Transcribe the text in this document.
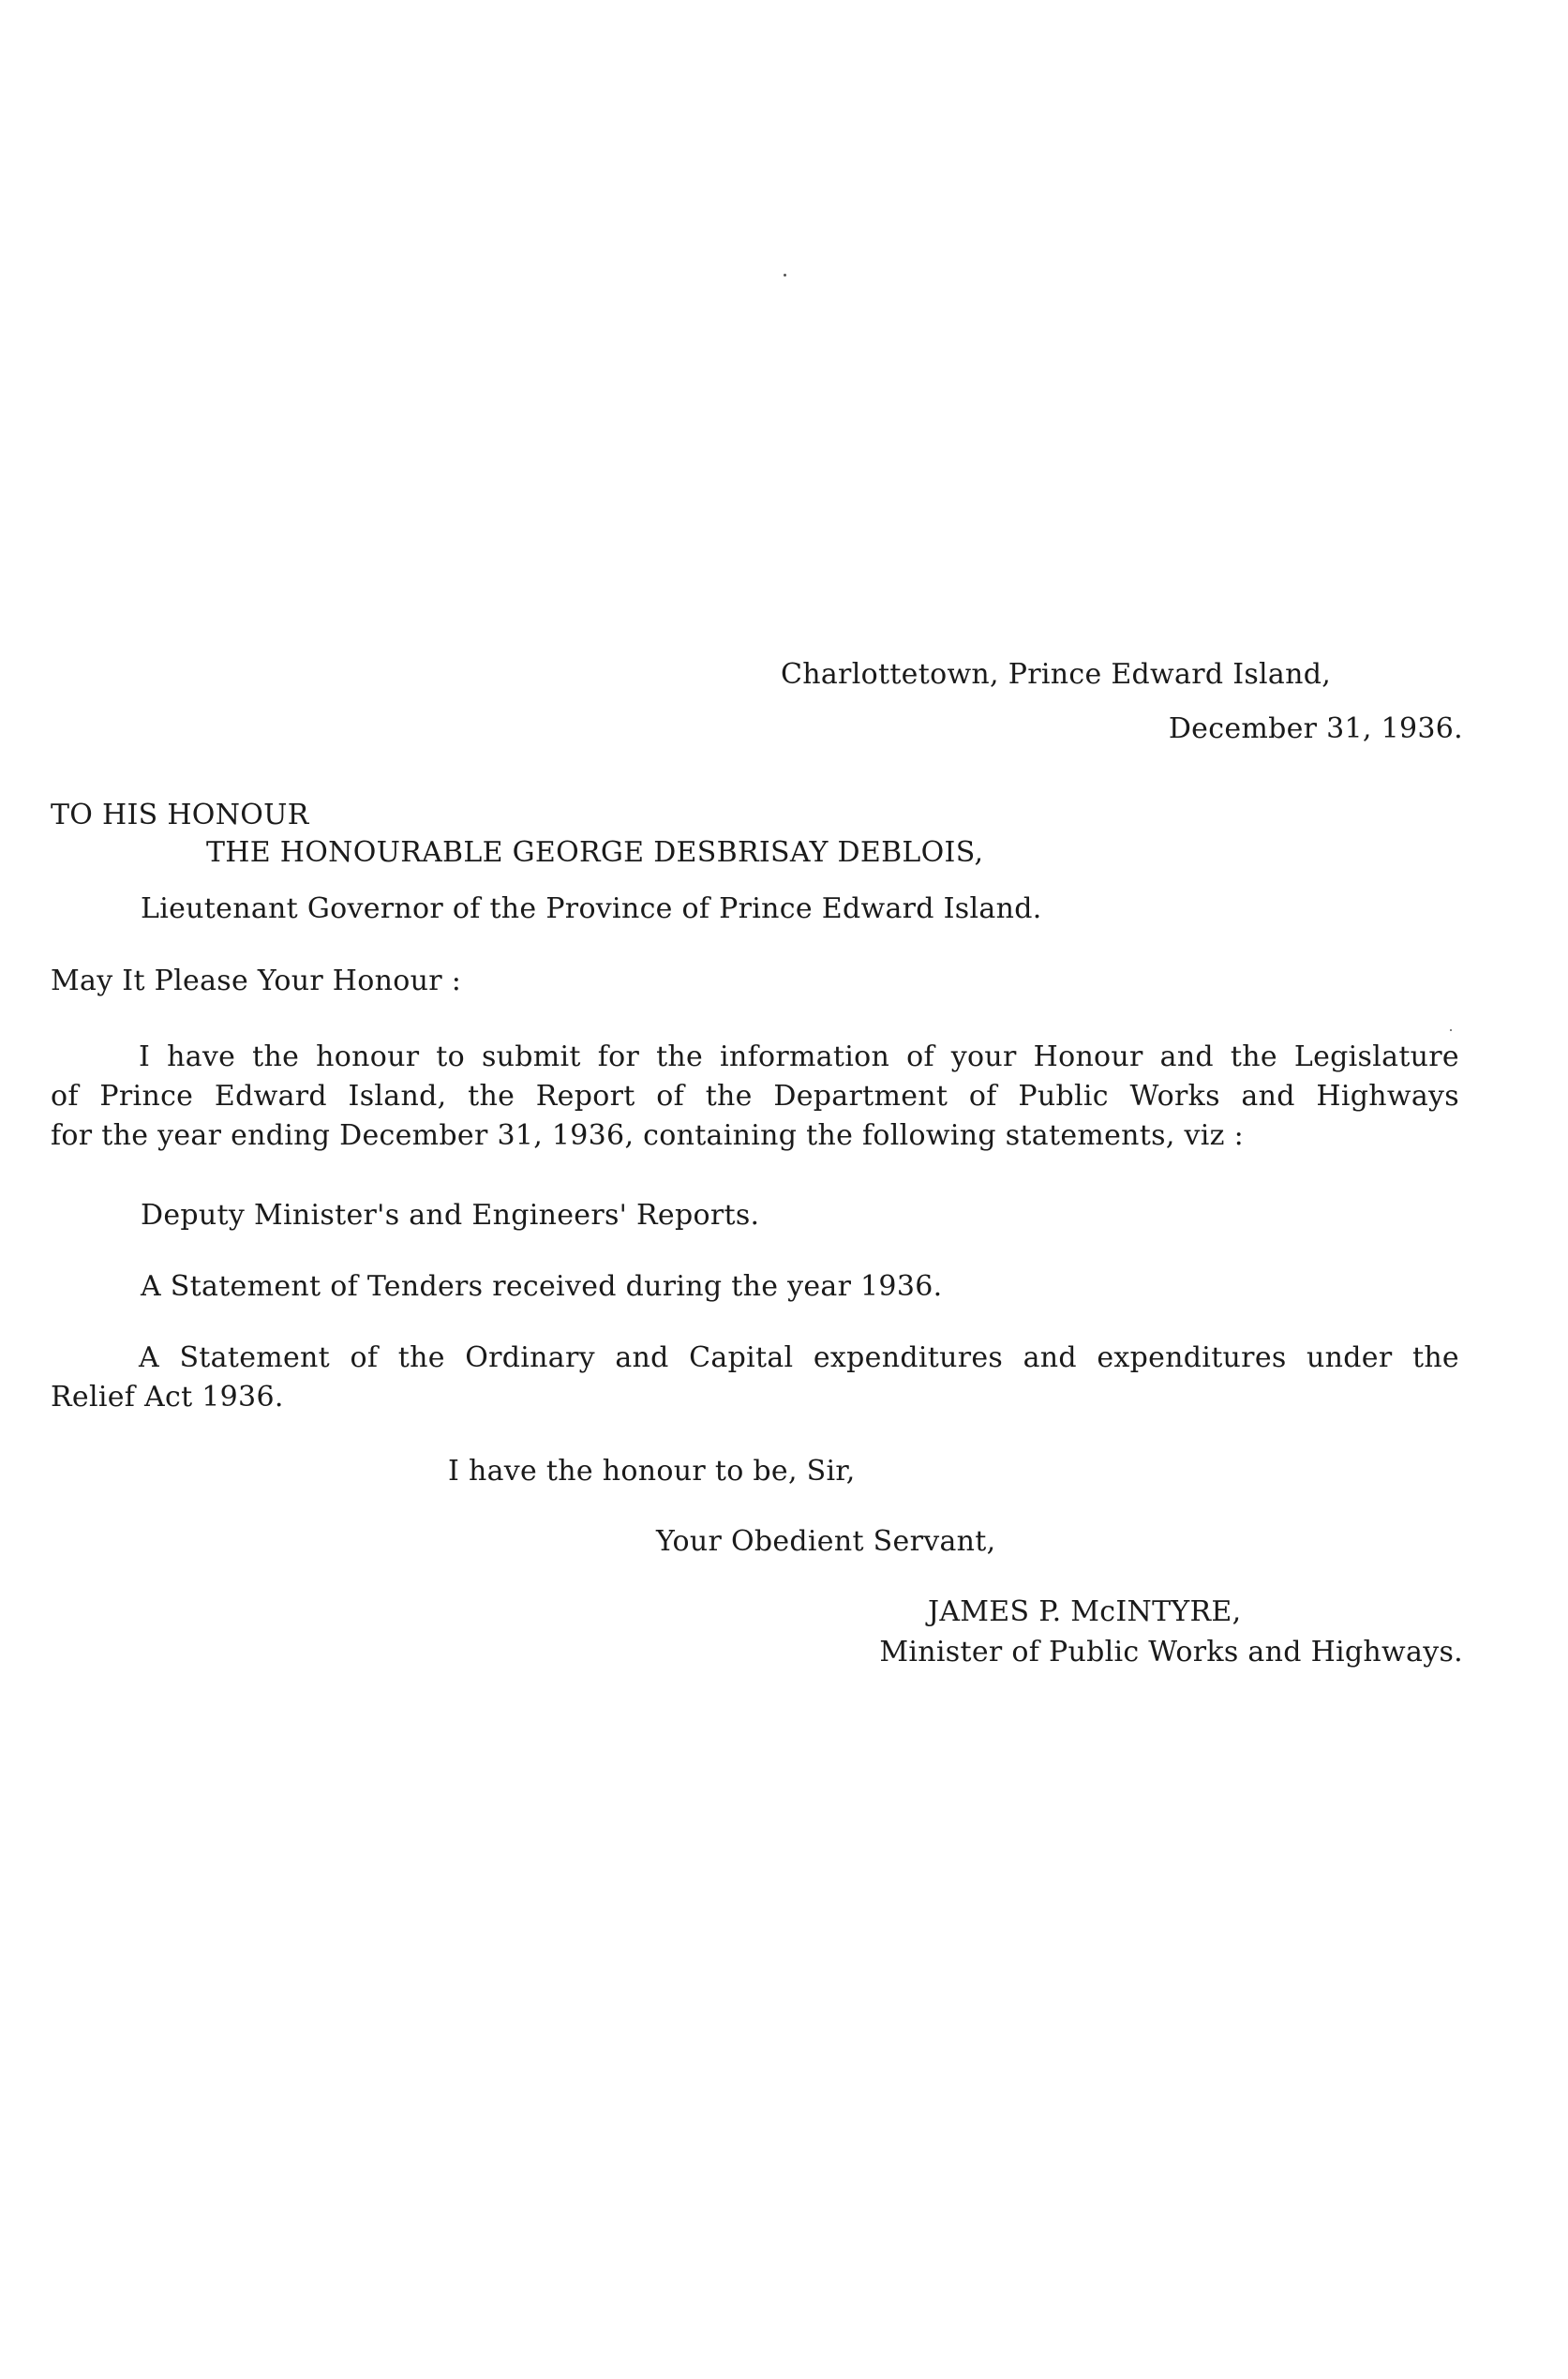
Charlottetown, Prince Edward Island,
December 31, 1936.
TO HIS HONOUR
THE HONOURABLE GEORGE DESBRISAY DEBLOIS,
Lieutenant Governor of the Province of Prince Edward Island.
May It Please Your Honour :
I have the honour to submit for the information of your Honour and the Legislature
of Prince Edward Island, the Report of the Department of Public Works and Highways
for the year ending December 31, 1936, containing the following statements, viz :
Deputy Minister's and Engineers' Reports.
A Statement of Tenders received during the year 1936.
A Statement of the Ordinary and Capital expenditures and expenditures under the
Relief Act 1936.
I have the honour to be, Sir,
Your Obedient Servant,
JAMES P. McINTYRE,
Minister of Public Works and Highways.
